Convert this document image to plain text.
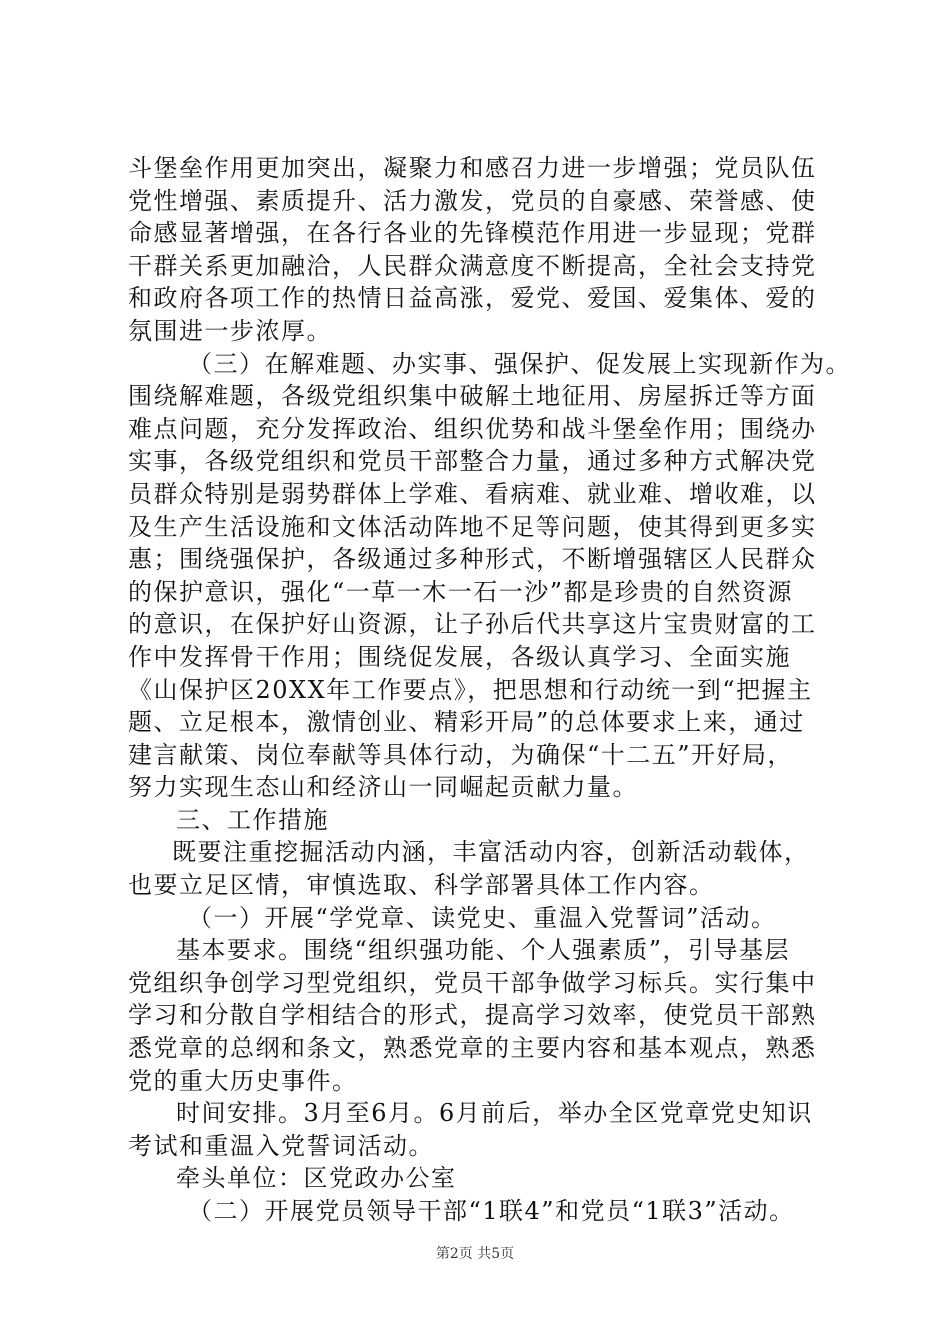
斗堡垒作用更加突出，凝聚力和感召力进一步增强；党员队伍
党性增强、素质提升、活力激发，党员的自豪感、荣誉感、使
命感显著增强，在各行各业的先锋模范作用进一步显现；党群
干群关系更加融洽，人民群众满意度不断提高，全社会支持党
和政府各项工作的热情日益高涨，爱党、爱国、爱集体、爱的
氛围进一步浓厚。
（三）在解难题、办实事、强保护、促发展上实现新作为。
围绕解难题，各级党组织集中破解土地征用、房屋拆迁等方面
难点问题，充分发挥政治、组织优势和战斗堡垒作用；围绕办
实事，各级党组织和党员干部整合力量，通过多种方式解决党
员群众特别是弱势群体上学难、看病难、就业难、增收难，以
及生产生活设施和文体活动阵地不足等问题，使其得到更多实
惠；围绕强保护，各级通过多种形式，不断增强辖区人民群众
的保护意识，强化“一草一木一石一沙”都是珍贵的自然资源
的意识，在保护好山资源，让子孙后代共享这片宝贵财富的工
作中发挥骨干作用；围绕促发展，各级认真学习、全面实施
《山保护区20XX年工作要点》，把思想和行动统一到“把握主
题、立足根本，激情创业、精彩开局”的总体要求上来，通过
建言献策、岗位奉献等具体行动，为确保“十二五”开好局，
努力实现生态山和经济山一同崛起贡献力量。
三、工作措施
既要注重挖掘活动内涵，丰富活动内容，创新活动载体，
也要立足区情，审慎选取、科学部署具体工作内容。
（一）开展“学党章、读党史、重温入党誓词”活动。
基本要求。围绕“组织强功能、个人强素质”，引导基层
党组织争创学习型党组织，党员干部争做学习标兵。实行集中
学习和分散自学相结合的形式，提高学习效率，使党员干部熟
悉党章的总纲和条文，熟悉党章的主要内容和基本观点，熟悉
党的重大历史事件。
时间安排。3月至6月。6月前后，举办全区党章党史知识
考试和重温入党誓词活动。
牵头单位：区党政办公室
（二）开展党员领导干部“1联4”和党员“1联3”活动。
第2页 共5页
